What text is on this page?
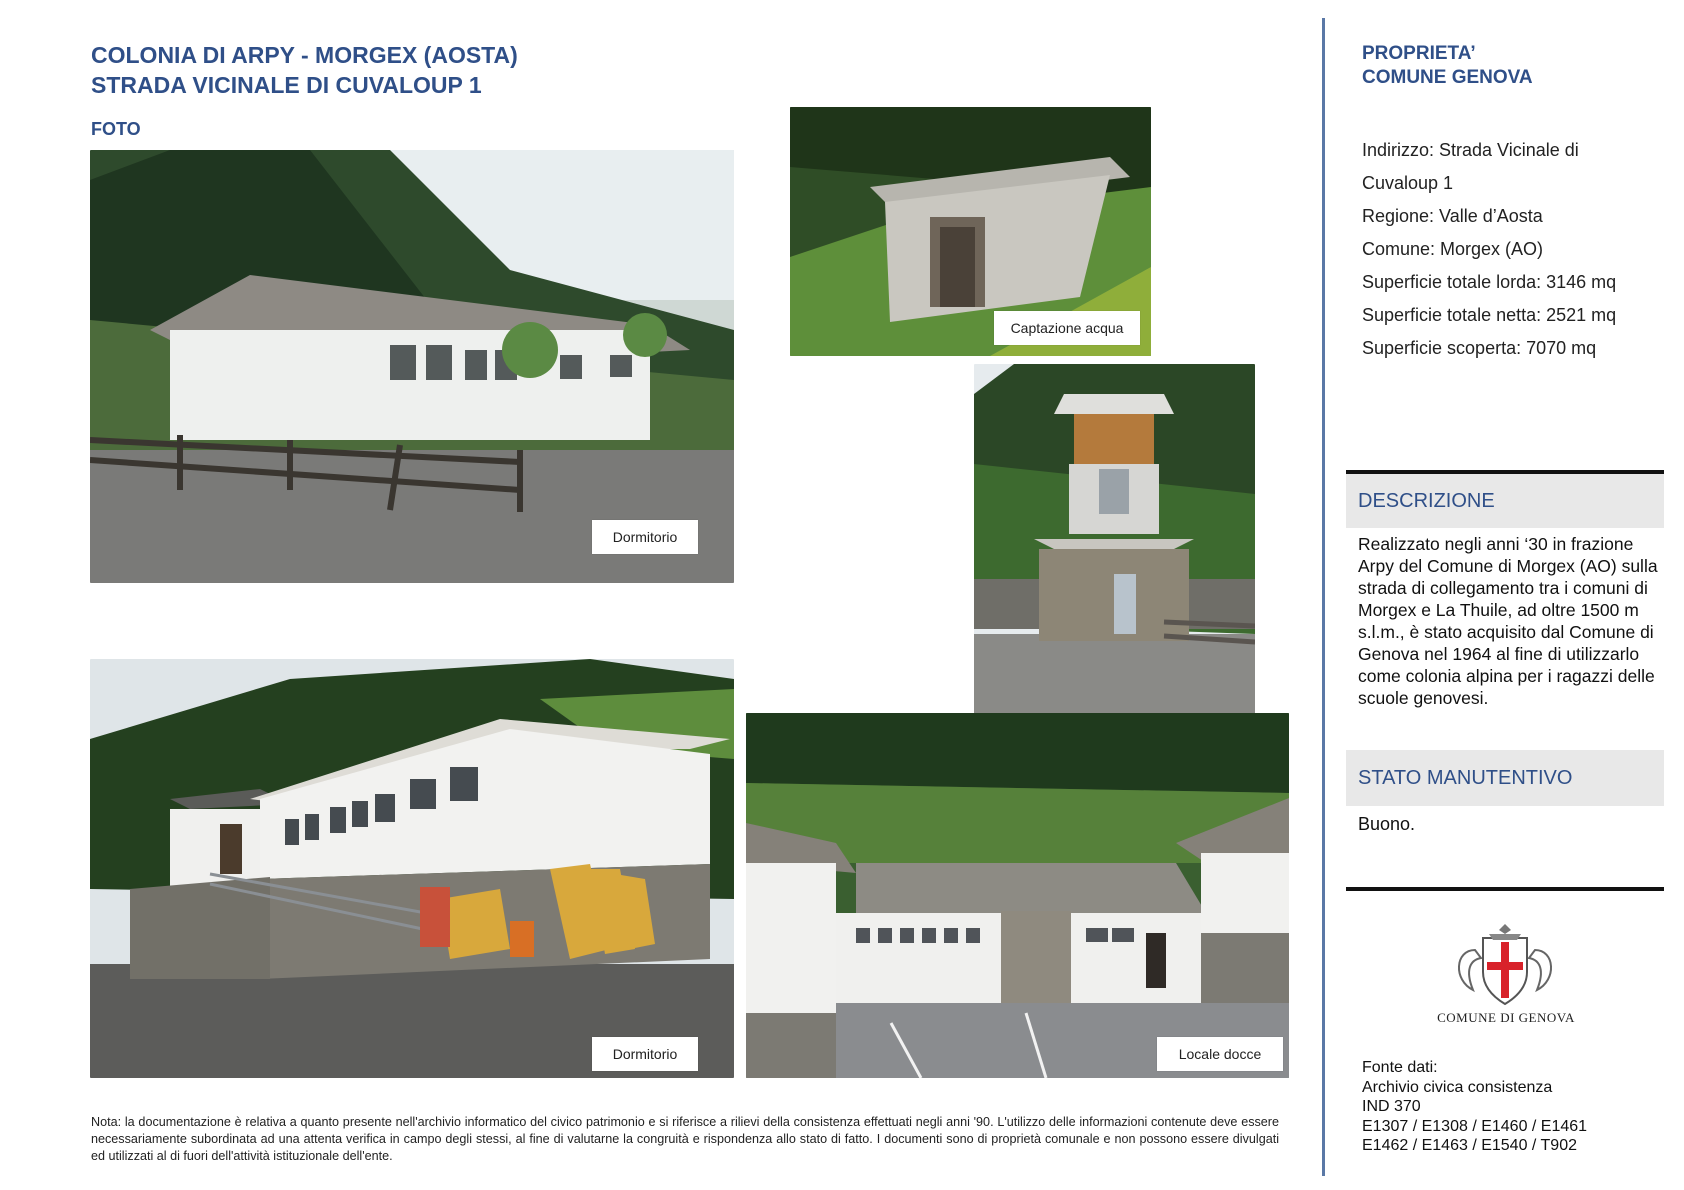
COLONIA DI ARPY - MORGEX (AOSTA)
STRADA VICINALE DI CUVALOUP 1
FOTO
Dormitorio
Captazione acqua
Dormitorio	Locale docce
Nota: la documentazione è relativa a quanto presente nell'archivio informatico del civico patrimonio e si riferisce a rilievi della consistenza effettuati negli anni '90. L'utilizzo delle informazioni contenute deve essere necessariamente subordinata ad una attenta verifica in campo degli stessi, al fine di valutarne la congruità e rispondenza allo stato di fatto. I documenti sono di proprietà comunale e non possono essere divulgati ed utilizzati al di fuori dell'attività istituzionale dell'ente.
PROPRIETA’
COMUNE GENOVA
Indirizzo: Strada Vicinale di
Cuvaloup 1
Regione: Valle d’Aosta
Comune: Morgex (AO)
Superficie totale lorda: 3146 mq
Superficie totale netta: 2521 mq
Superficie scoperta: 7070 mq
DESCRIZIONE
Realizzato negli anni ‘30 in frazione Arpy del Comune di Morgex (AO) sulla strada di collegamento tra i comuni di Morgex e La Thuile, ad oltre 1500 m s.l.m., è stato acquisito dal Comune di Genova nel 1964 al fine di utilizzarlo come colonia alpina per i ragazzi delle scuole genovesi.
STATO MANUTENTIVO
Buono.
COMUNE DI GENOVA
Fonte dati:
Archivio civica consistenza
IND 370
E1307 / E1308 / E1460 / E1461
E1462 / E1463 / E1540 / T902
